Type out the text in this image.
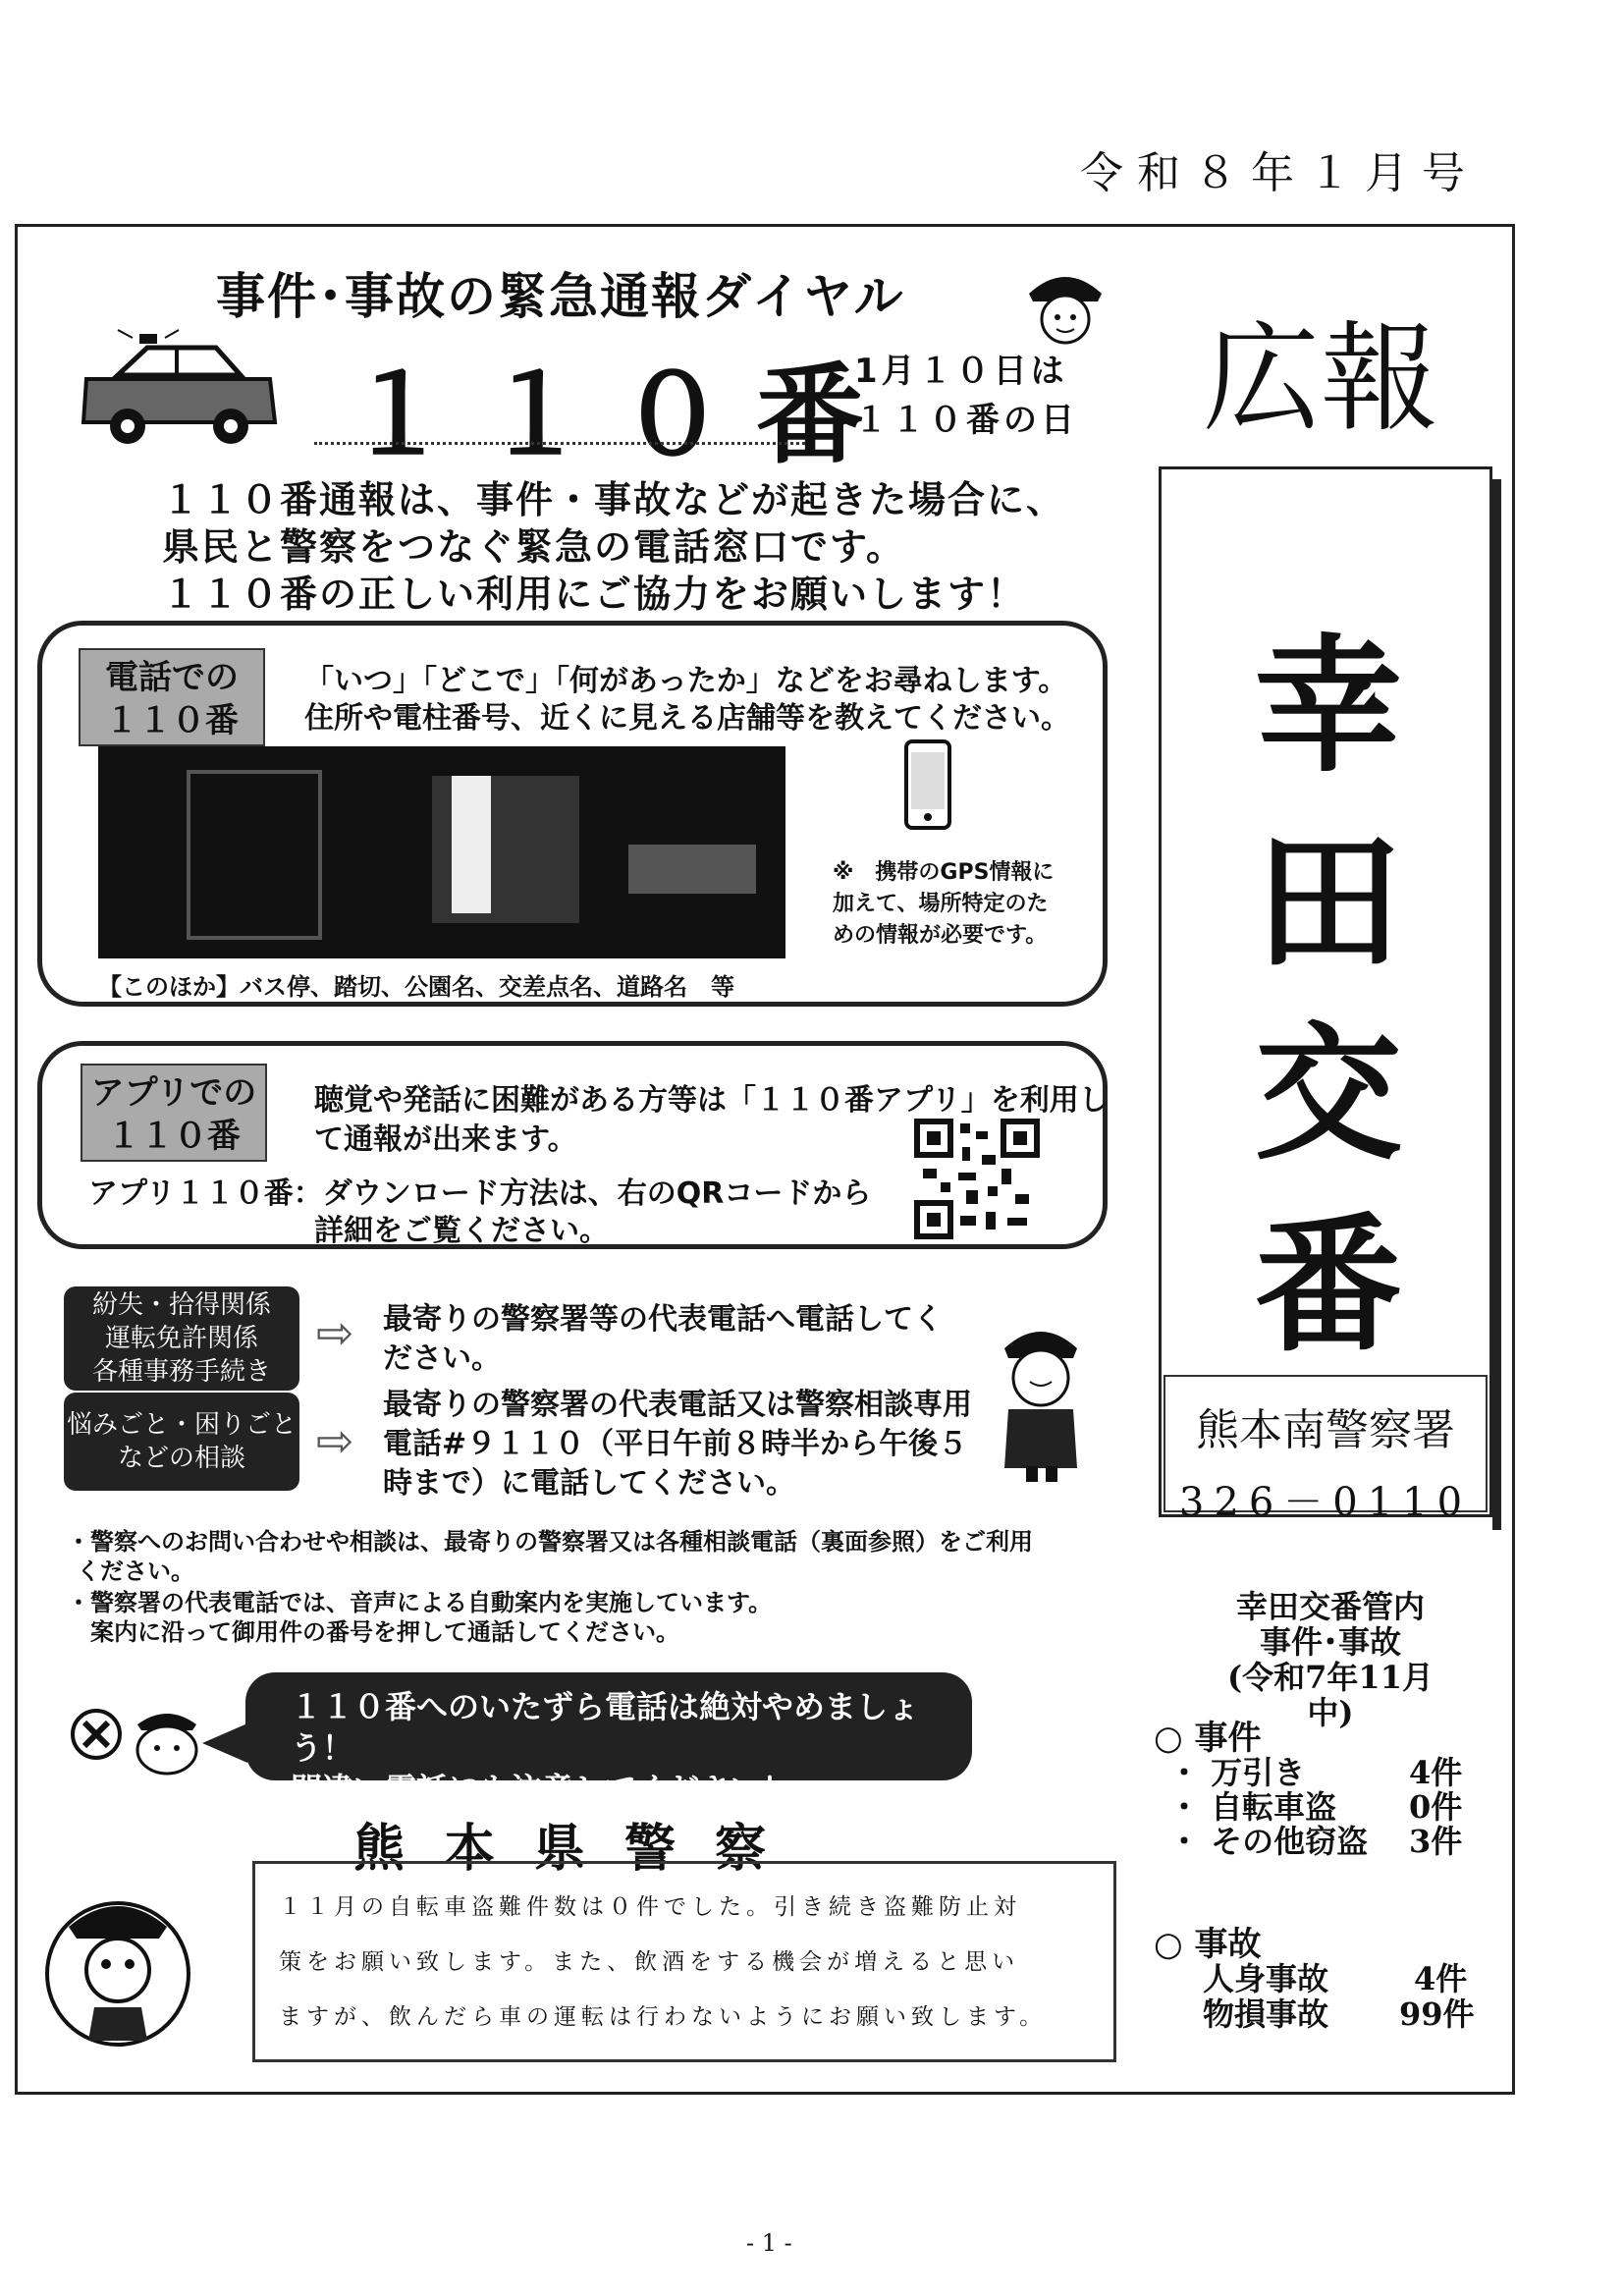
令和８年１月号
事件･事故の緊急通報ダイヤル
１１０番
1月１０日は
１１０番の日
１１０番通報は、事件・事故などが起きた場合に、
県民と警察をつなぐ緊急の電話窓口です。
１１０番の正しい利用にご協力をお願いします！
電話での
１１０番
「いつ」「どこで」「何があったか」などをお尋ねします。
住所や電柱番号、近くに見える店舗等を教えてください。
※　携帯のGPS情報に
加えて、場所特定のた
めの情報が必要です。
【このほか】バス停、踏切、公園名、交差点名、道路名　等
アプリでの
１１０番
聴覚や発話に困難がある方等は「１１０番アプリ」を利用し
て通報が出来ます。
アプリ１１０番：ダウンロード方法は、右のQRコードから
詳細をご覧ください。
紛失・拾得関係
運転免許関係
各種事務手続き
⇨ 最寄りの警察署等の代表電話へ電話してく
ださい。
悩みごと・困りごと
などの相談	⇨
最寄りの警察署の代表電話又は警察相談専用
電話#９１１０（平日午前８時半から午後５
時まで）に電話してください。
・警察へのお問い合わせや相談は、最寄りの警察署又は各種相談電話（裏面参照）をご利用
ください。
・警察署の代表電話では、音声による自動案内を実施しています。
　案内に沿って御用件の番号を押して通話してください。
１１０番へのいたずら電話は絶対やめましょう！
間違い電話にも注意してください！
熊本県警察
１１月の自転車盗難件数は０件でした。引き続き盗難防止対
策をお願い致します。また、飲酒をする機会が増えると思い
ますが、飲んだら車の運転は行わないようにお願い致します。
広報
幸
田
交
番
熊本南警察署
326－0110
幸田交番管内
事件･事故
(令和7年11月中)
○ 事件
・ 万引き	4件
・ 自転車盗 0件
・ その他窃盗 3件
○ 事故
人身事故	4件
物損事故 99件
- 1 -
